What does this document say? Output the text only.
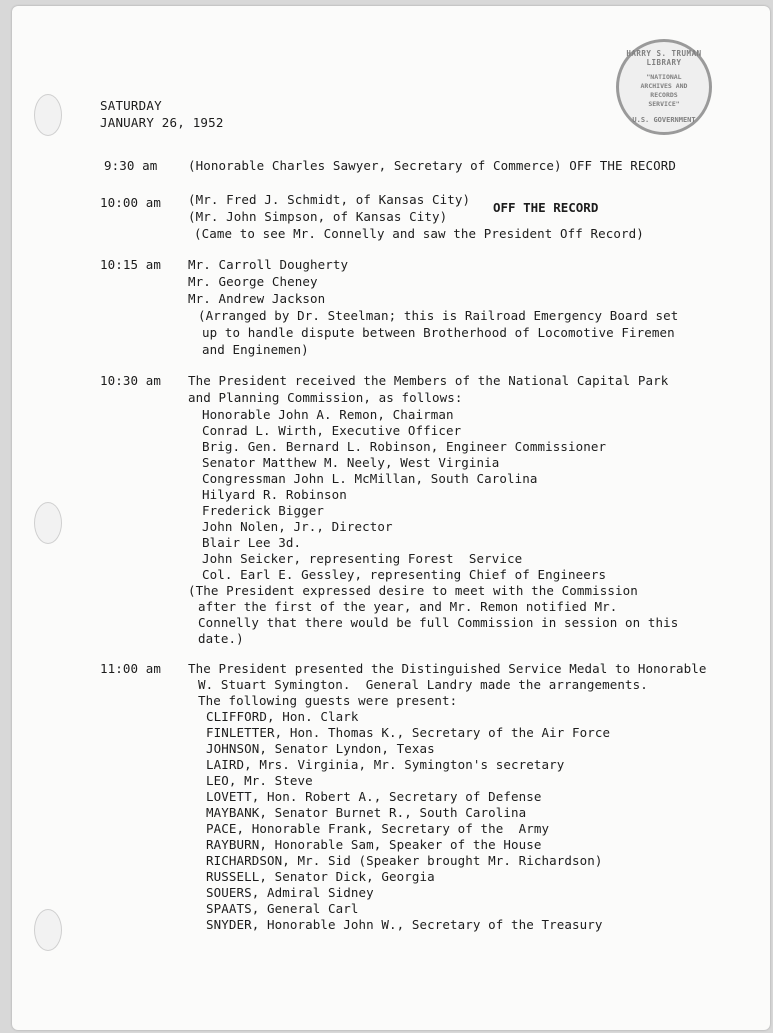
HARRY S. TRUMAN LIBRARY
"NATIONAL ARCHIVES AND RECORDS SERVICE"
U.S. GOVERNMENT
SATURDAY
JANUARY 26, 1952
9:30 am (Honorable Charles Sawyer, Secretary of Commerce) OFF THE RECORD
10:00 am (Mr. Fred J. Schmidt, of Kansas City)
(Mr. John Simpson, of Kansas City)
(Came to see Mr. Connelly and saw the President Off Record)
OFF THE RECORD
10:15 am Mr. Carroll Dougherty
Mr. George Cheney
Mr. Andrew Jackson
(Arranged by Dr. Steelman; this is Railroad Emergency Board set
up to handle dispute between Brotherhood of Locomotive Firemen
and Enginemen)
10:30 am The President received the Members of the National Capital Park
and Planning Commission, as follows:
Honorable John A. Remon, Chairman
Conrad L. Wirth, Executive Officer
Brig. Gen. Bernard L. Robinson, Engineer Commissioner
Senator Matthew M. Neely, West Virginia
Congressman John L. McMillan, South Carolina
Hilyard R. Robinson
Frederick Bigger
John Nolen, Jr., Director
Blair Lee 3d.
John Seicker, representing Forest  Service
Col. Earl E. Gessley, representing Chief of Engineers
(The President expressed desire to meet with the Commission
after the first of the year, and Mr. Remon notified Mr.
Connelly that there would be full Commission in session on this
date.)
11:00 am The President presented the Distinguished Service Medal to Honorable
W. Stuart Symington.  General Landry made the arrangements.
The following guests were present:
CLIFFORD, Hon. Clark
FINLETTER, Hon. Thomas K., Secretary of the Air Force
JOHNSON, Senator Lyndon, Texas
LAIRD, Mrs. Virginia, Mr. Symington's secretary
LEO, Mr. Steve
LOVETT, Hon. Robert A., Secretary of Defense
MAYBANK, Senator Burnet R., South Carolina
PACE, Honorable Frank, Secretary of the  Army
RAYBURN, Honorable Sam, Speaker of the House
RICHARDSON, Mr. Sid (Speaker brought Mr. Richardson)
RUSSELL, Senator Dick, Georgia
SOUERS, Admiral Sidney
SPAATS, General Carl
SNYDER, Honorable John W., Secretary of the Treasury
